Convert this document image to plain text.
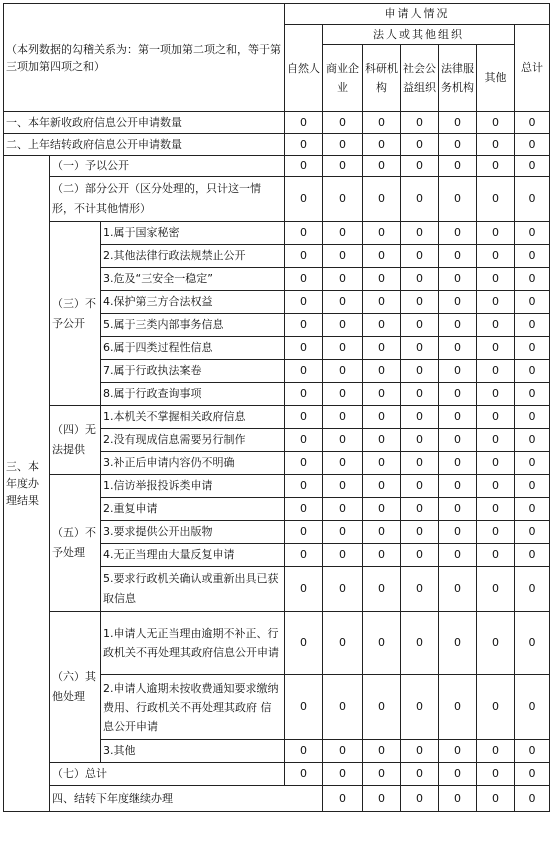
（本列数据的勾稽关系为：第一项加第二项之和，等于第三项加第四项之和）			申请人情况							
			自然人	法人或其他组织					总计	
				商业企业	科研机构	社会公益组织	法律服务机构	其他		
一、本年新收政府信息公开申请数量			0	0	0	0	0	0	0	
二、上年结转政府信息公开申请数量			0	0	0	0	0	0	0	
三、本年度办理结果	（一）予以公开		0	0	0	0	0	0	0	
	（二）部分公开（区分处理的，只计这一情形，不计其他情形）		0	0	0	0	0	0	0	
	（三）不予公开	1.属于国家秘密	0	0	0	0	0	0	0	
		2.其他法律行政法规禁止公开	0	0	0	0	0	0	0	
		3.危及“三安全一稳定”	0	0	0	0	0	0	0	
		4.保护第三方合法权益	0	0	0	0	0	0	0	
		5.属于三类内部事务信息	0	0	0	0	0	0	0	
		6.属于四类过程性信息	0	0	0	0	0	0	0	
		7.属于行政执法案卷	0	0	0	0	0	0	0	
		8.属于行政查询事项	0	0	0	0	0	0	0	
	（四）无法提供	1.本机关不掌握相关政府信息	0	0	0	0	0	0	0	
		2.没有现成信息需要另行制作	0	0	0	0	0	0	0	
		3.补正后申请内容仍不明确	0	0	0	0	0	0	0	
	（五）不予处理	1.信访举报投诉类申请	0	0	0	0	0	0	0	
		2.重复申请	0	0	0	0	0	0	0	
		3.要求提供公开出版物	0	0	0	0	0	0	0	
		4.无正当理由大量反复申请	0	0	0	0	0	0	0	
		5.要求行政机关确认或重新出具已获取信息	0	0	0	0	0	0	0	
	（六）其他处理	1.申请人无正当理由逾期不补正、行政机关不再处理其政府信息公开申请	0	0	0	0	0	0	0	
		2.申请人逾期未按收费通知要求缴纳费用、行政机关不再处理其政府 信息公开申请	0	0	0	0	0	0	0	
		3.其他	0	0	0	0	0	0	0	
	（七）总计		0	0	0	0	0	0	0	
	四、结转下年度继续办理			0	0	0	0	0	0	
